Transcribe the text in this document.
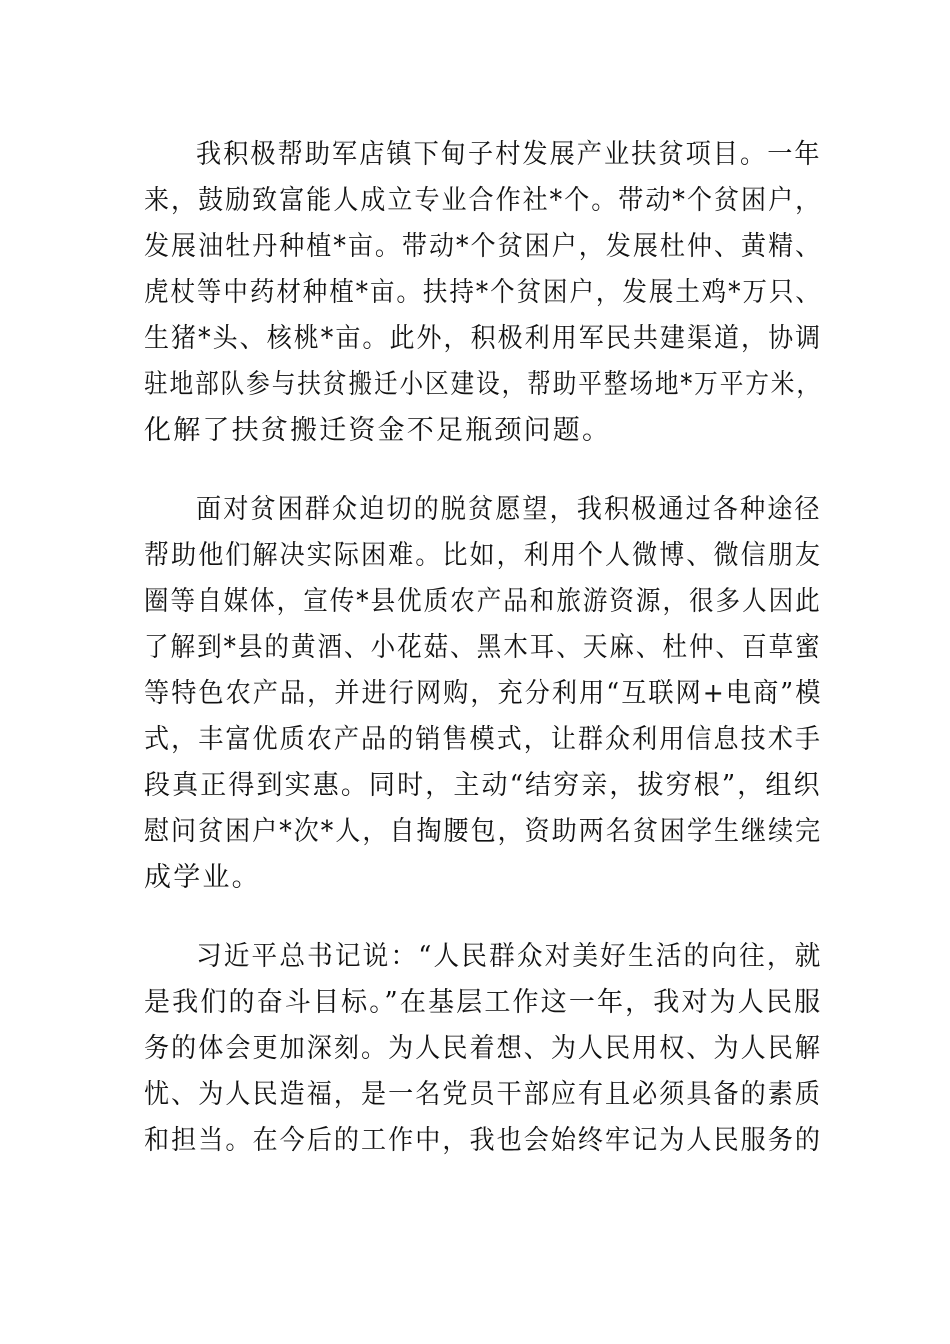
我积极帮助军店镇下甸子村发展产业扶贫项目。一年
来，鼓励致富能人成立专业合作社*个。带动*个贫困户，
发展油牡丹种植*亩。带动*个贫困户，发展杜仲、黄精、
虎杖等中药材种植*亩。扶持*个贫困户，发展土鸡*万只、
生猪*头、核桃*亩。此外，积极利用军民共建渠道，协调
驻地部队参与扶贫搬迁小区建设，帮助平整场地*万平方米，
化解了扶贫搬迁资金不足瓶颈问题。
面对贫困群众迫切的脱贫愿望，我积极通过各种途径
帮助他们解决实际困难。比如，利用个人微博、微信朋友
圈等自媒体，宣传*县优质农产品和旅游资源，很多人因此
了解到*县的黄酒、小花菇、黑木耳、天麻、杜仲、百草蜜
等特色农产品，并进行网购，充分利用“互联网+电商”模
式，丰富优质农产品的销售模式，让群众利用信息技术手
段真正得到实惠。同时，主动“结穷亲，拔穷根”，组织
慰问贫困户*次*人，自掏腰包，资助两名贫困学生继续完
成学业。
习近平总书记说：“人民群众对美好生活的向往，就
是我们的奋斗目标。”在基层工作这一年，我对为人民服
务的体会更加深刻。为人民着想、为人民用权、为人民解
忧、为人民造福，是一名党员干部应有且必须具备的素质
和担当。在今后的工作中，我也会始终牢记为人民服务的
